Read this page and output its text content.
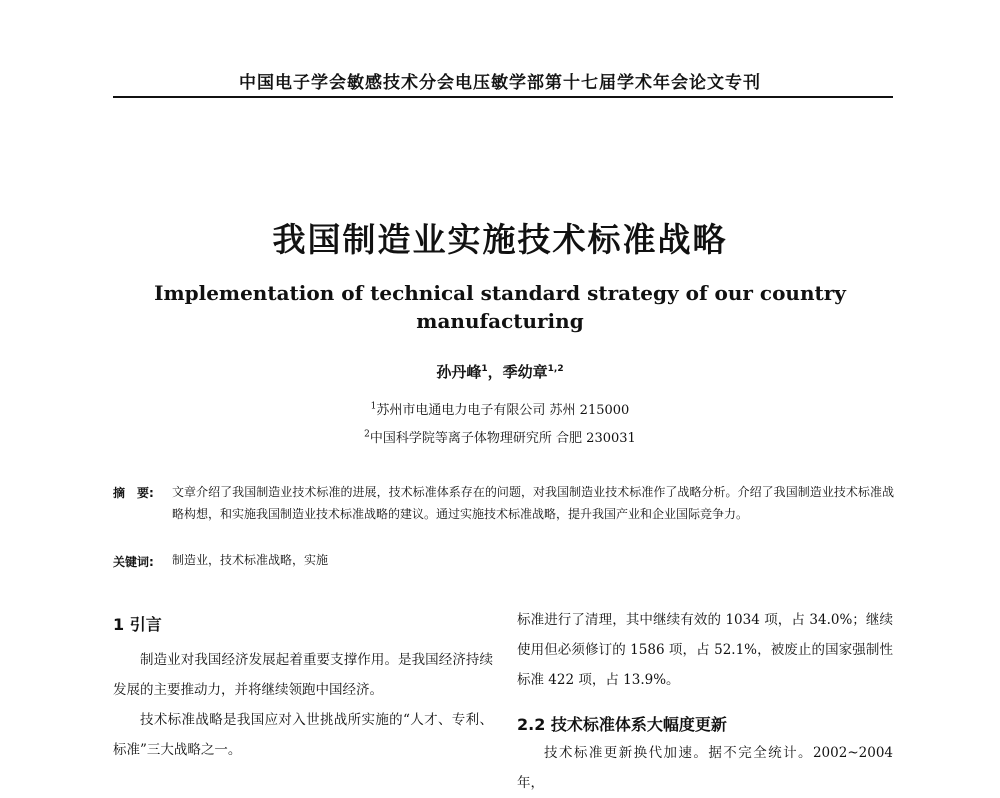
中国电子学会敏感技术分会电压敏学部第十七届学术年会论文专刊
我国制造业实施技术标准战略
Implementation of technical standard strategy of our country manufacturing
孙丹峰$^1$，季幼章$^{1,2}$
$^1$苏州市电通电力电子有限公司 苏州 215000
$^2$中国科学院等离子体物理研究所 合肥 230031
摘　要: 文章介绍了我国制造业技术标准的进展，技术标准体系存在的问题，对我国制造业技术标准作了战略分析。介绍了我国制造业技术标准战略构想，和实施我国制造业技术标准战略的建议。通过实施技术标准战略，提升我国产业和企业国际竞争力。
关键词: 制造业，技术标准战略，实施
1 引言

制造业对我国经济发展起着重要支撑作用。是我国经济持续发展的主要推动力，并将继续领跑中国经济。

技术标准战略是我国应对入世挑战所实施的“人才、专利、标准”三大战略之一。

标准进行了清理，其中继续有效的 1034 项，占 34.0%；继续使用但必须修订的 1586 项，占 52.1%，被废止的国家强制性标准 422 项，占 13.9%。

2.2 技术标准体系大幅度更新

技术标准更新换代加速。据不完全统计。2002~2004 年，
